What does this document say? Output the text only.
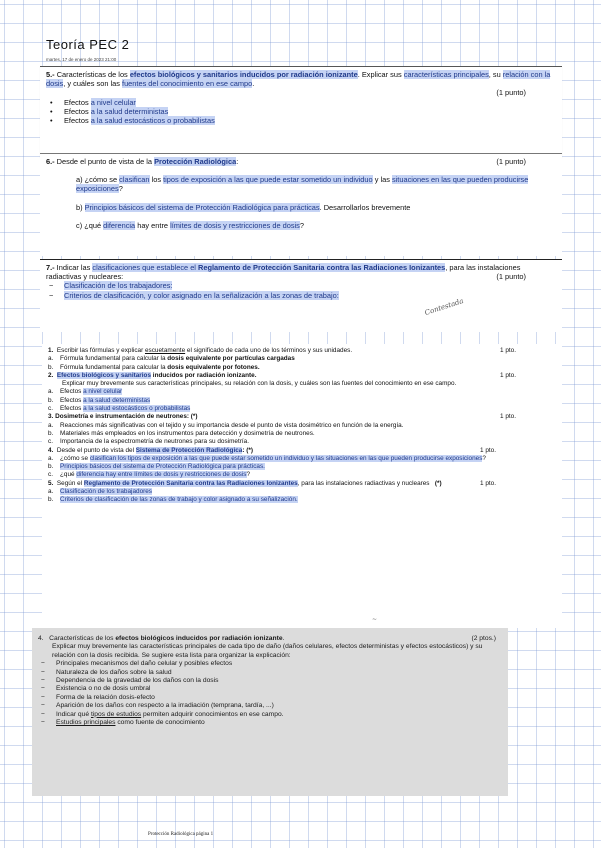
Teoría PEC 2
martes, 17 de enero de 2023 21:00

5.- Características de los efectos biológicos y sanitarios inducidos por radiación ionizante. Explicar sus características principales, su relación con la dosis, y cuáles son las fuentes del conocimiento en ese campo.

(1 punto)

• Efectos a nivel celular

• Efectos a la salud deterministas

• Efectos a la salud estocásticos o probabilistas

6.- Desde el punto de vista de la Protección Radiológica:	(1 punto)

a) ¿cómo se clasifican los tipos de exposición a las que puede estar sometido un individuo y las situaciones en las que pueden producirse exposiciones?

b) Principios básicos del sistema de Protección Radiológica para prácticas. Desarrollarlos brevemente

c) ¿qué diferencia hay entre límites de dosis y restricciones de dosis?

7.- Indicar las clasificaciones que establece el Reglamento de Protección Sanitaria contra las Radiaciones Ionizantes, para las instalaciones radiactivas y nucleares:	(1 punto)

− Clasificación de los trabajadores:

− Criterios de clasificación, y color asignado en la señalización a las zonas de trabajo:

Contestada

1. Escribir las fórmulas y explicar escuetamente el significado de cada uno de los términos y sus unidades.	1 pto.

a. Fórmula fundamental para calcular la dosis equivalente por partículas cargadas

b. Fórmula fundamental para calcular la dosis equivalente por fotones.

2. Efectos biológicos y sanitarios inducidos por radiación ionizante.	1 pto.

Explicar muy brevemente sus características principales, su relación con la dosis, y cuáles son las fuentes del conocimiento en ese campo.

a. Efectos a nivel celular

b. Efectos a la salud deterministas

c. Efectos a la salud estocásticos o probabilistas

3. Dosimetría e instrumentación de neutrones: (*)	1 pto.

a. Reacciones más significativas con el tejido y su importancia desde el punto de vista dosimétrico en función de la energía.

b. Materiales más empleados en los instrumentos para detección y dosimetría de neutrones.

c. Importancia de la espectrometría de neutrones para su dosimetría.

4. Desde el punto de vista del Sistema de Protección Radiológica: (*)	1 pto.

a. ¿cómo se clasifican los tipos de exposición a las que puede estar sometido un individuo y las situaciones en las que pueden producirse exposiciones?

b. Principios básicos del sistema de Protección Radiológica para prácticas.

c. ¿qué diferencia hay entre límites de dosis y restricciones de dosis?

5. Según el Reglamento de Protección Sanitaria contra las Radiaciones Ionizantes, para las instalaciones radiactivas y nucleares (*)	1 pto.

a. Clasificación de los trabajadores

b. Criterios de clasificación de las zonas de trabajo y color asignado a su señalización.

~

4. Características de los efectos biológicos inducidos por radiación ionizante.	(2 ptos.)

Explicar muy brevemente las características principales de cada tipo de daño (daños celulares, efectos deterministas y efectos estocásticos) y su relación con la dosis recibida. Se sugiere esta lista para organizar la explicación:

− Principales mecanismos del daño celular y posibles efectos

− Naturaleza de los daños sobre la salud

− Dependencia de la gravedad de los daños con la dosis

− Existencia o no de dosis umbral

− Forma de la relación dosis-efecto

− Aparición de los daños con respecto a la irradiación (temprana, tardía, ...)

− Indicar qué tipos de estudios permiten adquirir conocimientos en ese campo.

− Estudios principales como fuente de conocimiento

Protección Radiológica página 1
